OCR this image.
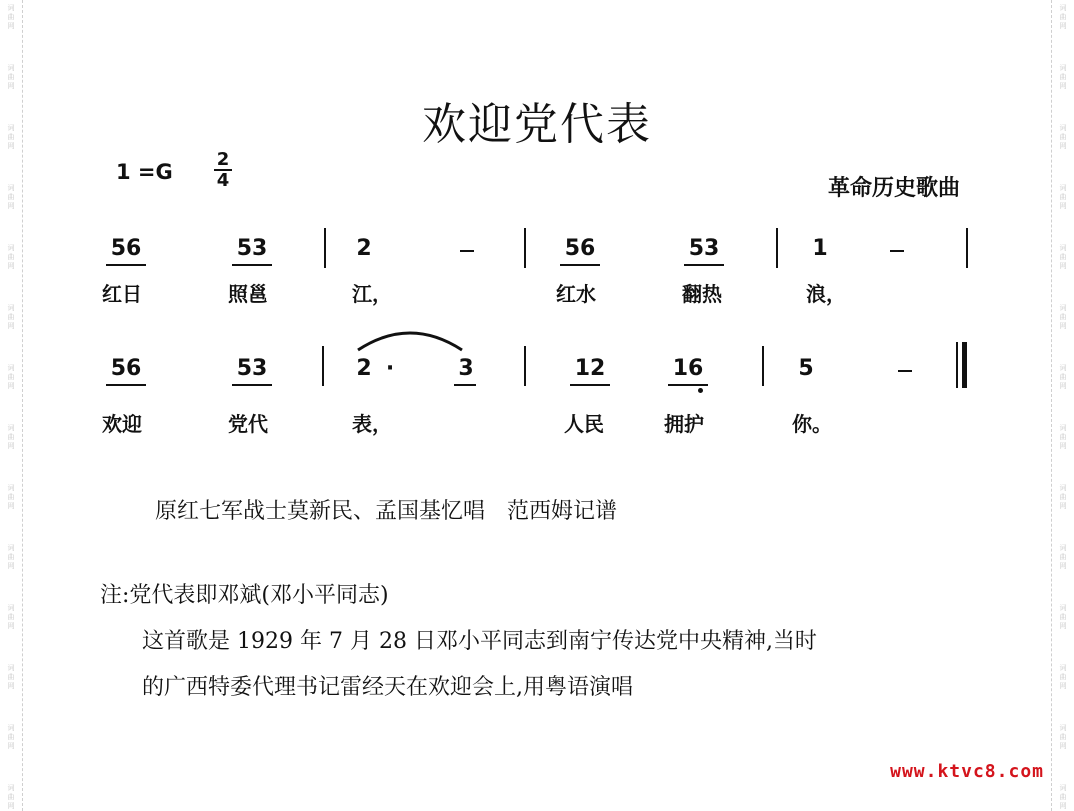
词
曲
网
词
曲
网
词
曲
网
词
曲
网
词
曲
网
词
曲
网
词
曲
网
词
曲
网
词
曲
网
词
曲
网
词
曲
网
词
曲
网
词
曲
网
词
曲
网
词
曲
网
词
曲
网
词
曲
网
词
曲
网
词
曲
网
词
曲
网
词
曲
网
词
曲
网
词
曲
网
词
曲
网
词
曲
网
词
曲
网
词
曲
网
词
曲
网
欢迎党代表
1 =G
2
4	革命历史歌曲
56	53	2	56	53	1
红日	照邕	江，	红水	翻热	浪，
56	53	2 ·	3	12	16	5
欢迎	党代	表，	人民	拥护	你。
原红七军战士莫新民、孟国基忆唱　范西姆记谱
注:党代表即邓斌(邓小平同志)
这首歌是 1929 年 7 月 28 日邓小平同志到南宁传达党中央精神,当时
的广西特委代理书记雷经天在欢迎会上,用粤语演唱
www.ktvc8.com
